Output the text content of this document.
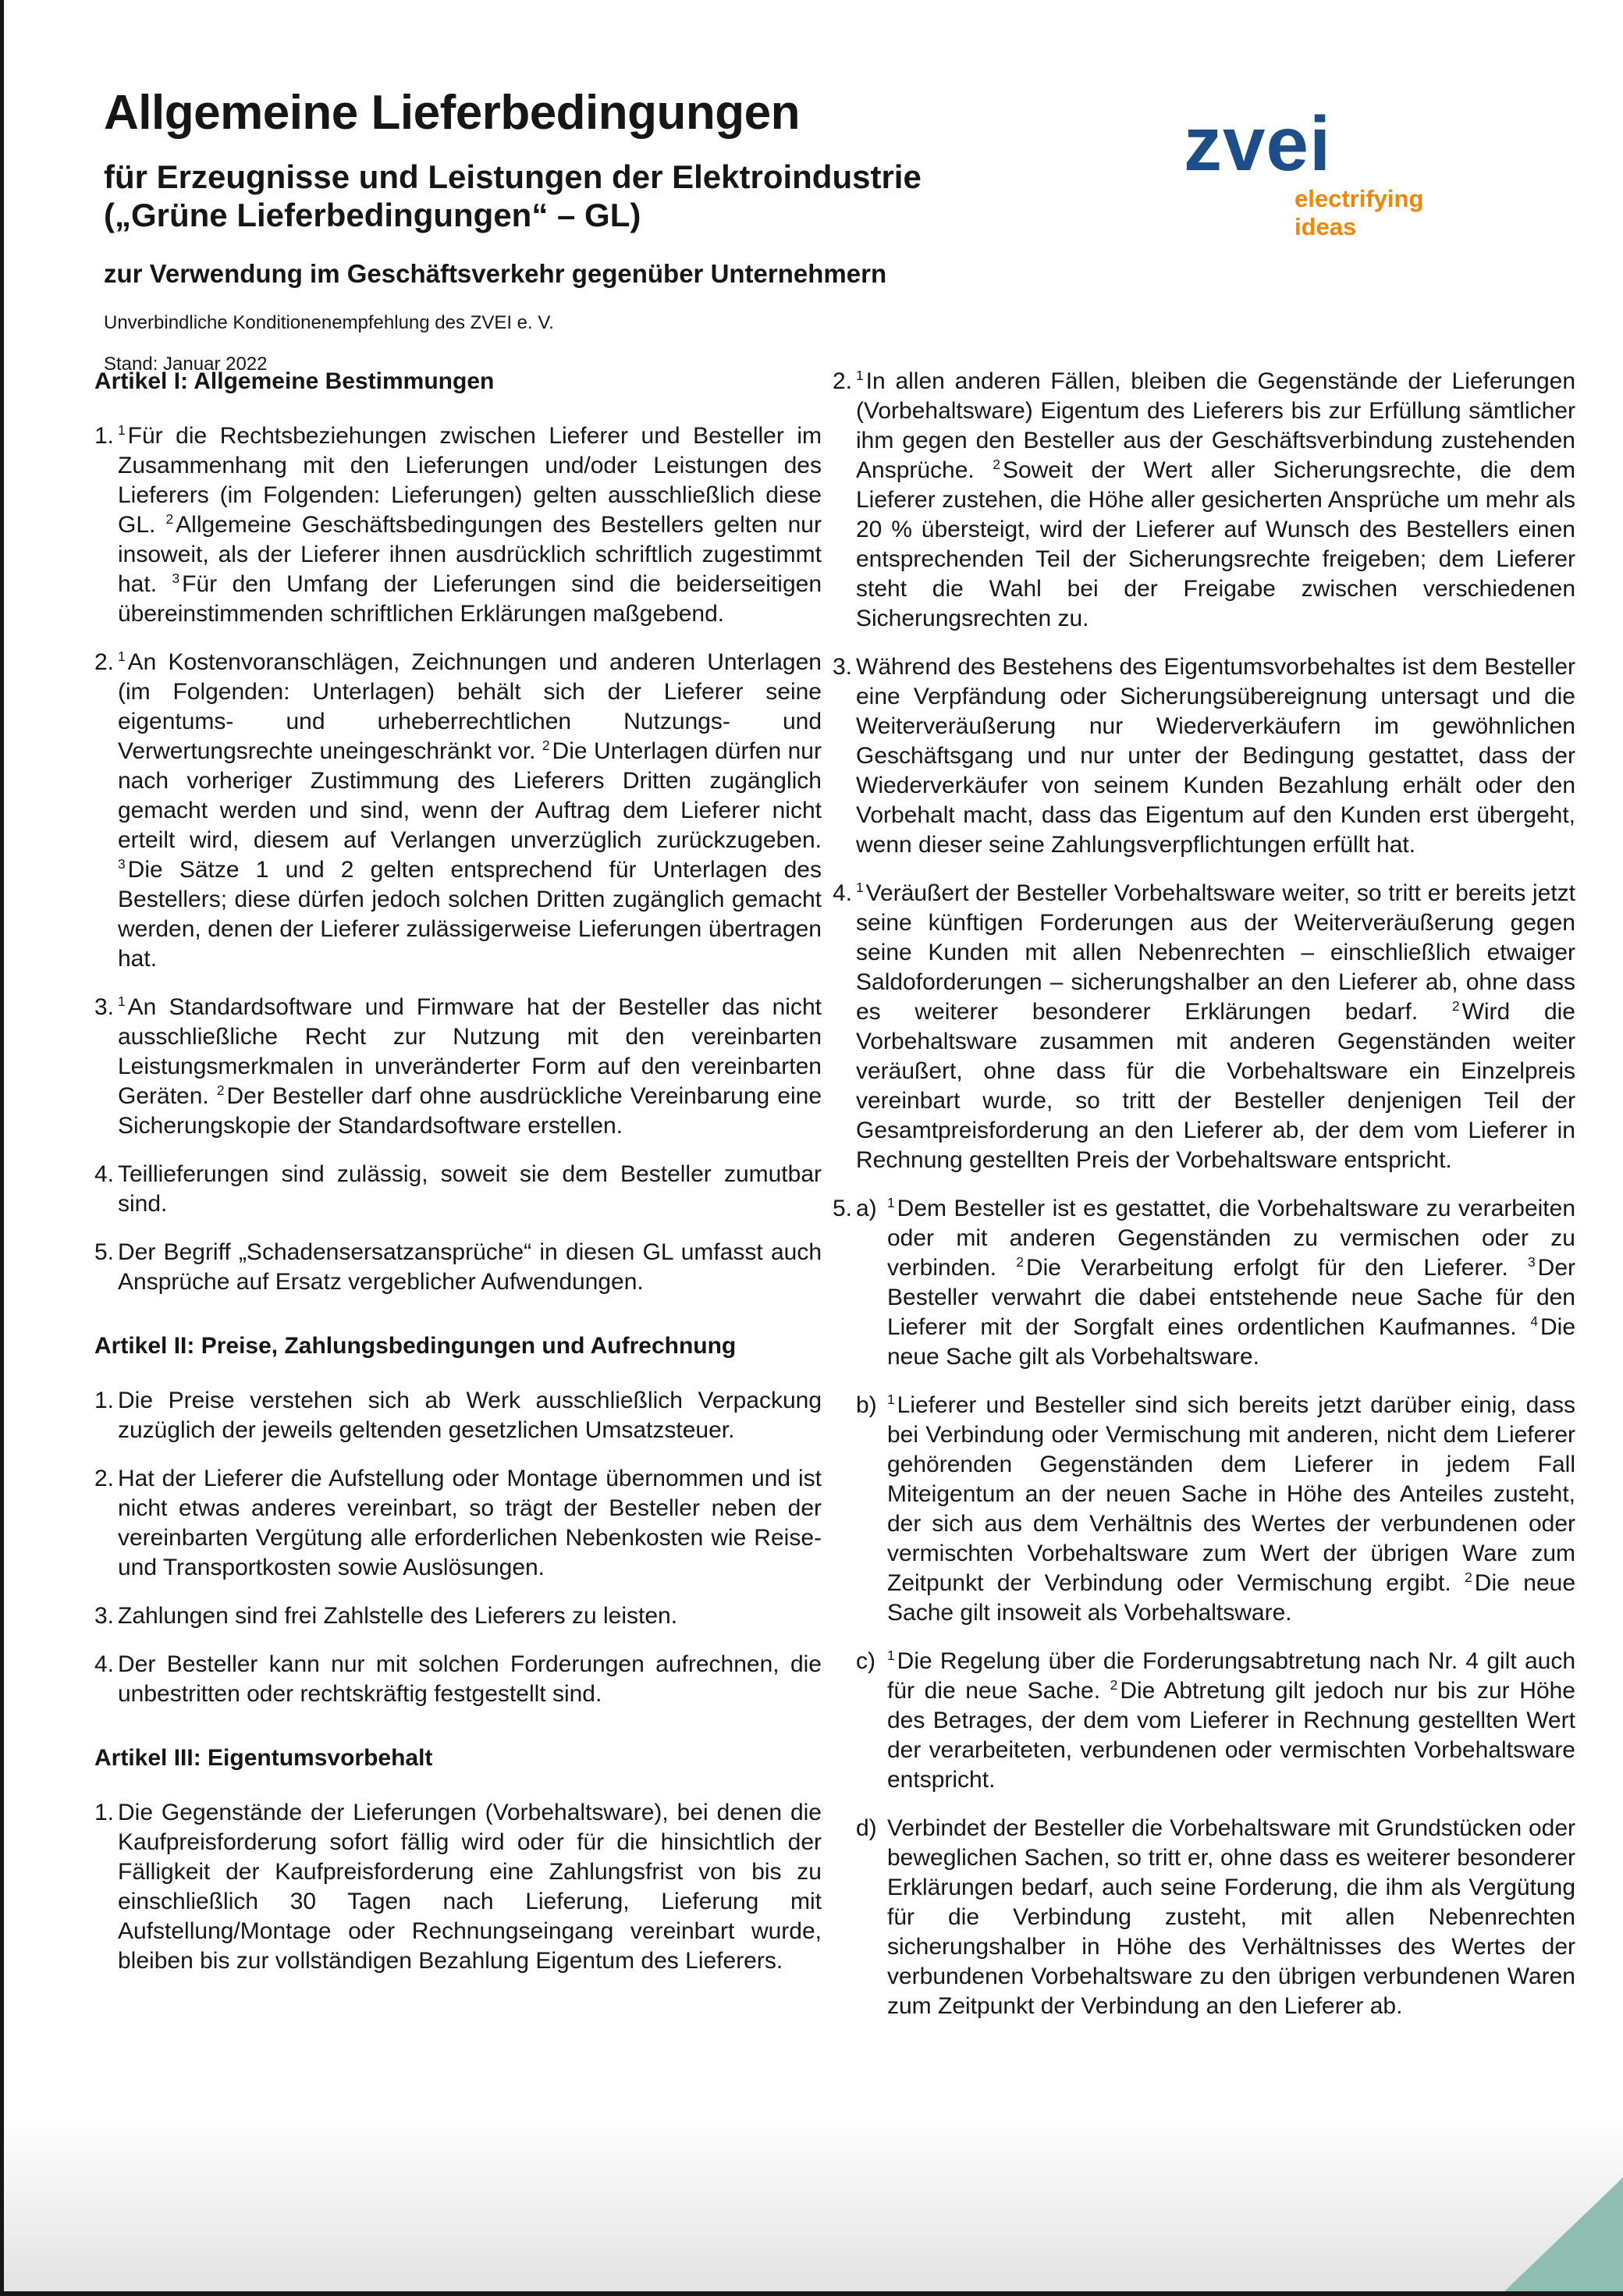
Allgemeine Lieferbedingungen
für Erzeugnisse und Leistungen der Elektroindustrie
(„Grüne Lieferbedingungen“ – GL)
zur Verwendung im Geschäftsverkehr gegenüber Unternehmern
Unverbindliche Konditionenempfehlung des ZVEI e. V.
Stand: Januar 2022
zvei
electrifying
ideas
Artikel I: Allgemeine Bestimmungen
1. $^1$ Für die Rechtsbeziehungen zwischen Lieferer und Besteller im Zusammenhang mit den Lieferungen und/oder Leistungen des Lieferers (im Folgenden: Lieferungen) gelten ausschließlich diese GL. $^2$ Allgemeine Geschäftsbedingungen des Bestellers gelten nur insoweit, als der Lieferer ihnen ausdrücklich schriftlich zugestimmt hat. $^3$ Für den Umfang der Lieferungen sind die beiderseitigen übereinstimmenden schriftlichen Erklärungen maßgebend.
2. $^1$ An Kostenvoranschlägen, Zeichnungen und anderen Unterlagen (im Folgenden: Unterlagen) behält sich der Lieferer seine eigentums- und urheberrechtlichen Nutzungs- und Verwertungsrechte uneingeschränkt vor. $^2$ Die Unterlagen dürfen nur nach vorheriger Zustimmung des Lieferers Dritten zugänglich gemacht werden und sind, wenn der Auftrag dem Lieferer nicht erteilt wird, diesem auf Verlangen unverzüglich zurückzugeben. $^3$ Die Sätze 1 und 2 gelten entsprechend für Unterlagen des Bestellers; diese dürfen jedoch solchen Dritten zugänglich gemacht werden, denen der Lieferer zulässigerweise Lieferungen übertragen hat.
3. $^1$ An Standardsoftware und Firmware hat der Besteller das nicht ausschließliche Recht zur Nutzung mit den vereinbarten Leistungsmerkmalen in unveränderter Form auf den vereinbarten Geräten. $^2$ Der Besteller darf ohne ausdrückliche Vereinbarung eine Sicherungskopie der Standardsoftware erstellen.
4. Teillieferungen sind zulässig, soweit sie dem Besteller zumutbar sind.
5. Der Begriff „Schadensersatzansprüche“ in diesen GL umfasst auch Ansprüche auf Ersatz vergeblicher Aufwendungen.
Artikel II: Preise, Zahlungsbedingungen und Aufrechnung
1. Die Preise verstehen sich ab Werk ausschließlich Verpackung zuzüglich der jeweils geltenden gesetzlichen Umsatzsteuer.
2. Hat der Lieferer die Aufstellung oder Montage übernommen und ist nicht etwas anderes vereinbart, so trägt der Besteller neben der vereinbarten Vergütung alle erforderlichen Nebenkosten wie Reise- und Transportkosten sowie Auslösungen.
3. Zahlungen sind frei Zahlstelle des Lieferers zu leisten.
4. Der Besteller kann nur mit solchen Forderungen aufrechnen, die unbestritten oder rechtskräftig festgestellt sind.
Artikel III: Eigentumsvorbehalt
1. Die Gegenstände der Lieferungen (Vorbehaltsware), bei denen die Kaufpreisforderung sofort fällig wird oder für die hinsichtlich der Fälligkeit der Kaufpreisforderung eine Zahlungsfrist von bis zu einschließlich 30 Tagen nach Lieferung, Lieferung mit Aufstellung/Montage oder Rechnungseingang vereinbart wurde, bleiben bis zur vollständigen Bezahlung Eigentum des Lieferers.
2. $^1$ In allen anderen Fällen, bleiben die Gegenstände der Lieferungen (Vorbehaltsware) Eigentum des Lieferers bis zur Erfüllung sämtlicher ihm gegen den Besteller aus der Geschäftsverbindung zustehenden Ansprüche. $^2$ Soweit der Wert aller Sicherungsrechte, die dem Lieferer zustehen, die Höhe aller gesicherten Ansprüche um mehr als 20 % übersteigt, wird der Lieferer auf Wunsch des Bestellers einen entsprechenden Teil der Sicherungsrechte freigeben; dem Lieferer steht die Wahl bei der Freigabe zwischen verschiedenen Sicherungsrechten zu.
3. Während des Bestehens des Eigentumsvorbehaltes ist dem Besteller eine Verpfändung oder Sicherungsübereignung untersagt und die Weiterveräußerung nur Wiederverkäufern im gewöhnlichen Geschäftsgang und nur unter der Bedingung gestattet, dass der Wiederverkäufer von seinem Kunden Bezahlung erhält oder den Vorbehalt macht, dass das Eigentum auf den Kunden erst übergeht, wenn dieser seine Zahlungsverpflichtungen erfüllt hat.
4. $^1$ Veräußert der Besteller Vorbehaltsware weiter, so tritt er bereits jetzt seine künftigen Forderungen aus der Weiterveräußerung gegen seine Kunden mit allen Nebenrechten – einschließlich etwaiger Saldoforderungen – sicherungshalber an den Lieferer ab, ohne dass es weiterer besonderer Erklärungen bedarf. $^2$ Wird die Vorbehaltsware zusammen mit anderen Gegenständen weiter veräußert, ohne dass für die Vorbehaltsware ein Einzelpreis vereinbart wurde, so tritt der Besteller denjenigen Teil der Gesamtpreisforderung an den Lieferer ab, der dem vom Lieferer in Rechnung gestellten Preis der Vorbehaltsware entspricht.
5. a) $^1$ Dem Besteller ist es gestattet, die Vorbehaltsware zu verarbeiten oder mit anderen Gegenständen zu vermischen oder zu verbinden. $^2$ Die Verarbeitung erfolgt für den Lieferer. $^3$ Der Besteller verwahrt die dabei entstehende neue Sache für den Lieferer mit der Sorgfalt eines ordentlichen Kaufmannes. $^4$ Die neue Sache gilt als Vorbehaltsware.
b) $^1$ Lieferer und Besteller sind sich bereits jetzt darüber einig, dass bei Verbindung oder Vermischung mit anderen, nicht dem Lieferer gehörenden Gegenständen dem Lieferer in jedem Fall Miteigentum an der neuen Sache in Höhe des Anteiles zusteht, der sich aus dem Verhältnis des Wertes der verbundenen oder vermischten Vorbehaltsware zum Wert der übrigen Ware zum Zeitpunkt der Verbindung oder Vermischung ergibt. $^2$ Die neue Sache gilt insoweit als Vorbehaltsware.
c) $^1$ Die Regelung über die Forderungsabtretung nach Nr. 4 gilt auch für die neue Sache. $^2$ Die Abtretung gilt jedoch nur bis zur Höhe des Betrages, der dem vom Lieferer in Rechnung gestellten Wert der verarbeiteten, verbundenen oder vermischten Vorbehaltsware entspricht.
d) Verbindet der Besteller die Vorbehaltsware mit Grundstücken oder beweglichen Sachen, so tritt er, ohne dass es weiterer besonderer Erklärungen bedarf, auch seine Forderung, die ihm als Vergütung für die Verbindung zusteht, mit allen Nebenrechten sicherungshalber in Höhe des Verhältnisses des Wertes der verbundenen Vorbehaltsware zu den übrigen verbundenen Waren zum Zeitpunkt der Verbindung an den Lieferer ab.
